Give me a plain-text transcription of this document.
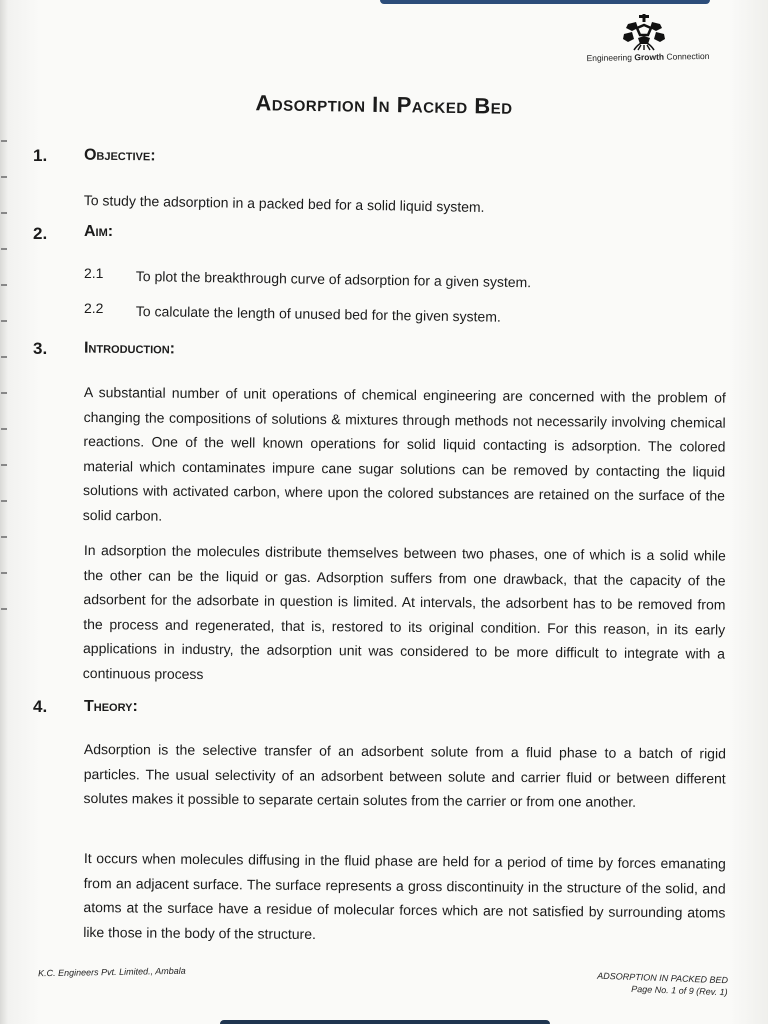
Engineering Growth Connection
Adsorption In Packed Bed
1. Objective:
To study the adsorption in a packed bed for a solid liquid system.
2. Aim:
2.1 To plot the breakthrough curve of adsorption for a given system.
2.2 To calculate the length of unused bed for the given system.
3. Introduction:
A substantial number of unit operations of chemical engineering are concerned with the problem of changing the compositions of solutions & mixtures through methods not necessarily involving chemical reactions. One of the well known operations for solid liquid contacting is adsorption. The colored material which contaminates impure cane sugar solutions can be removed by contacting the liquid solutions with activated carbon, where upon the colored substances are retained on the surface of the solid carbon.
In adsorption the molecules distribute themselves between two phases, one of which is a solid while the other can be the liquid or gas. Adsorption suffers from one drawback, that the capacity of the adsorbent for the adsorbate in question is limited. At intervals, the adsorbent has to be removed from the process and regenerated, that is, restored to its original condition. For this reason, in its early applications in industry, the adsorption unit was considered to be more difficult to integrate with a continuous process
4. Theory:
Adsorption is the selective transfer of an adsorbent solute from a fluid phase to a batch of rigid particles. The usual selectivity of an adsorbent between solute and carrier fluid or between different solutes makes it possible to separate certain solutes from the carrier or from one another.
It occurs when molecules diffusing in the fluid phase are held for a period of time by forces emanating from an adjacent surface. The surface represents a gross discontinuity in the structure of the solid, and atoms at the surface have a residue of molecular forces which are not satisfied by surrounding atoms like those in the body of the structure.
K.C. Engineers Pvt. Limited., Ambala	ADSORPTION IN PACKED BED
Page No. 1 of 9 (Rev. 1)
